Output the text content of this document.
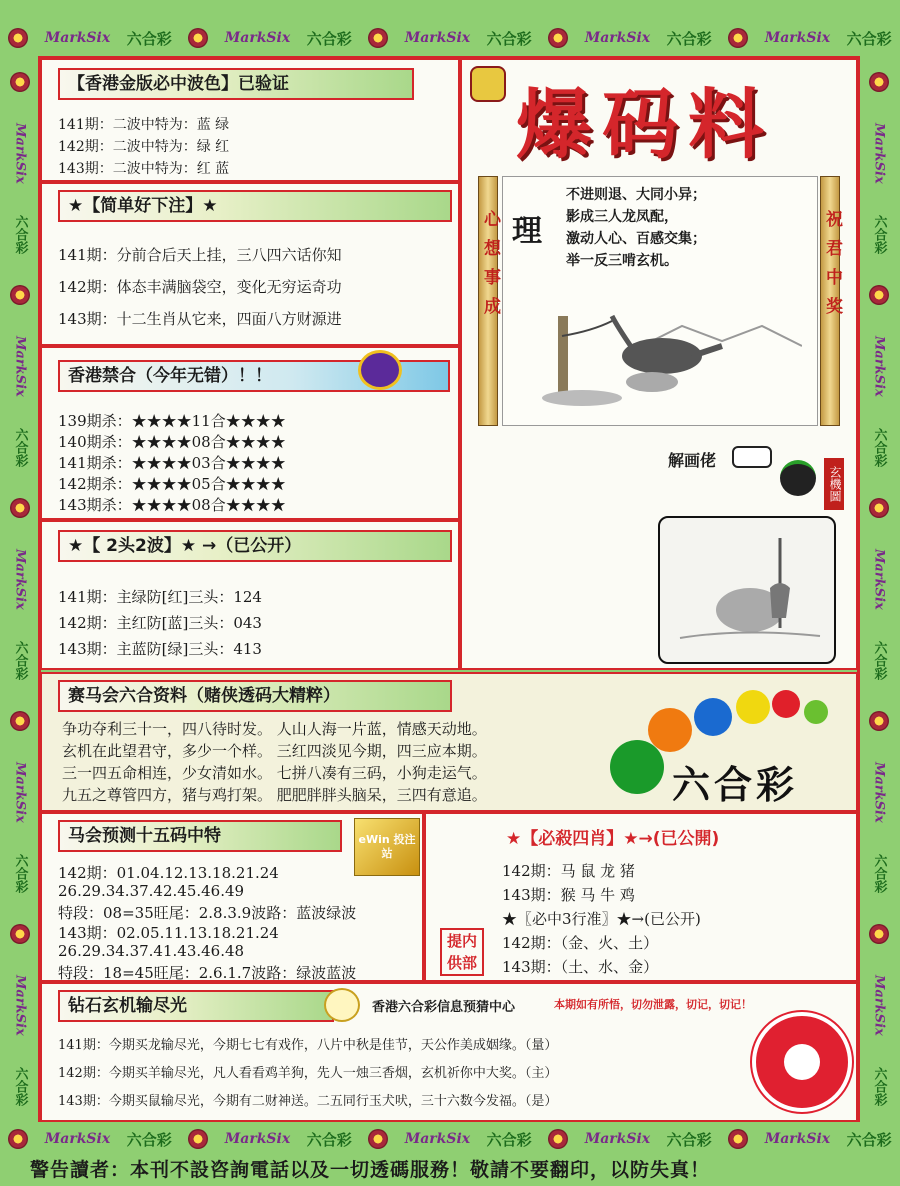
MarkSix 六合彩	MarkSix 六合彩	MarkSix 六合彩	MarkSix 六合彩	MarkSix 六合彩
MarkSix 六合彩	MarkSix 六合彩	MarkSix 六合彩	MarkSix 六合彩	MarkSix 六合彩
MarkSix
六合彩
MarkSix
六合彩
MarkSix
六合彩
MarkSix
六合彩
MarkSix
六合彩
MarkSix
六合彩
MarkSix
六合彩
MarkSix
六合彩
MarkSix
六合彩
MarkSix
六合彩
【香港金版必中波色】已验证
141期：二波中特为：蓝 绿
142期：二波中特为：绿 红
143期：二波中特为：红 蓝
★【简单好下注】★
141期：分前合后天上挂，三八四六话你知
142期：体态丰满脑袋空，变化无穷运奇功
143期：十二生肖从它来，四面八方财源进
香港禁合（今年无错）！！
139期杀：★★★★11合★★★★
140期杀：★★★★08合★★★★
141期杀：★★★★03合★★★★
142期杀：★★★★05合★★★★
143期杀：★★★★08合★★★★
★【 2头2波】★ →（已公开）
141期：主绿防[红]三头：124
142期：主红防[蓝]三头：043
143期：主蓝防[绿]三头：413
爆码料
心想事成	祝君中奖
理
不进则退、大同小异；
影成三人龙凤配，
激动人心、百感交集；
举一反三啃玄机。
解画佬
玄機圖
赛马会六合资料（赌侠透码大精粹）
争功夺利三十一，四八待时发。 人山人海一片蓝，情感天动地。
玄机在此望君守，多少一个样。 三红四淡见今期，四三应本期。
三一四五命相连，少女清如水。 七拼八凑有三码，小狗走运气。
九五之尊管四方，猪与鸡打架。 肥肥胖胖头脑呆，三四有意追。	六合彩
马会预测十五码中特	eWin 投注站
142期：01.04.12.13.18.21.24
26.29.34.37.42.45.46.49
特段：08=35旺尾：2.8.3.9波路：蓝波绿波
143期：02.05.11.13.18.21.24
26.29.34.37.41.43.46.48
特段：18=45旺尾：2.6.1.7波路：绿波蓝波
★【必殺四肖】★→(已公開)
142期：马 鼠 龙 猪
143期：猴 马 牛 鸡
★〖必中3行准〗★→(已公开)
142期：（金、火、土）
143期：（土、水、金）
提内供部
钻石玄机输尽光	香港六合彩信息预猜中心	本期如有所悟，切勿泄露，切记，切记！
141期：今期买龙输尽光，今期七七有戏作，八片中秋是佳节，天公作美成姻缘。（量）
142期：今期买羊输尽光，凡人看看鸡羊狗，先人一烛三香烟，玄机祈你中大奖。（主）
143期：今期买鼠输尽光，今期有二财神送。二五同行玉犬吠，三十六数今发福。（是）
警告讀者：本刊不設咨詢電話以及一切透碼服務！敬請不要翻印，以防失真！
